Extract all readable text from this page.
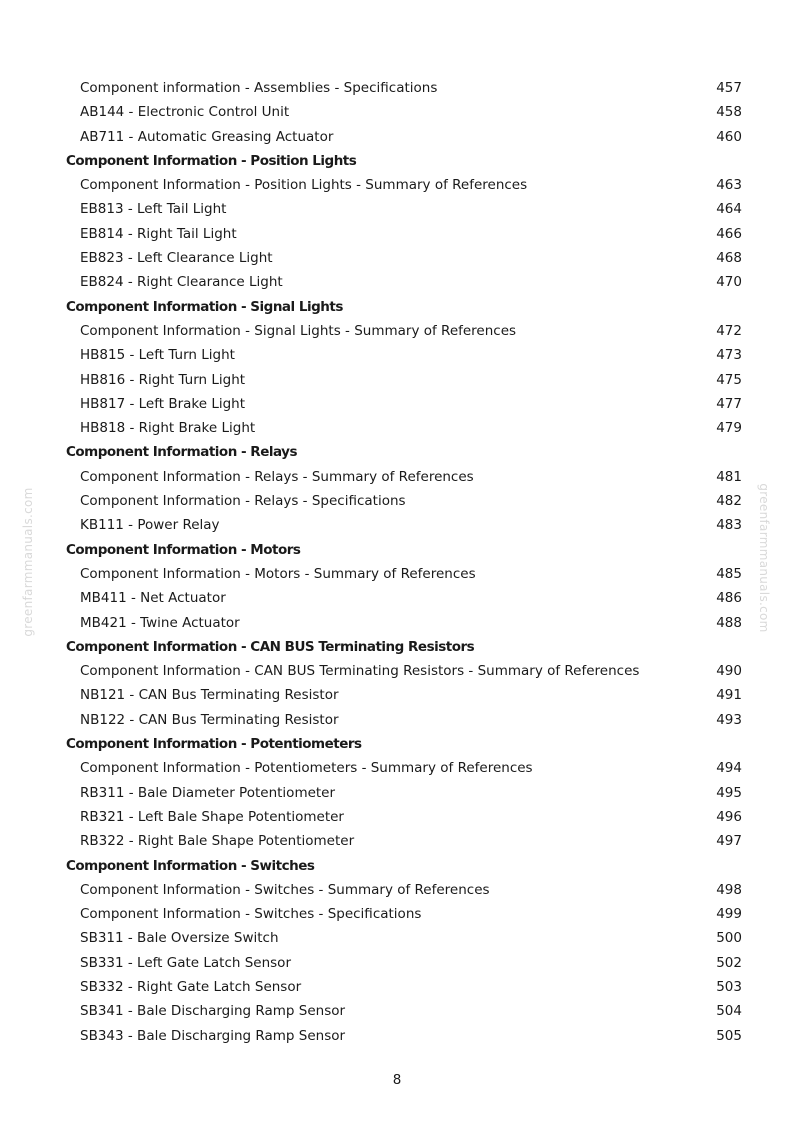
greenfarmmanuals.com	greenfarmmanuals.com
Component information - Assemblies - Specifications	457
AB144 - Electronic Control Unit	458
AB711 - Automatic Greasing Actuator	460
Component Information - Position Lights
Component Information - Position Lights - Summary of References	463
EB813 - Left Tail Light	464
EB814 - Right Tail Light	466
EB823 - Left Clearance Light	468
EB824 - Right Clearance Light	470
Component Information - Signal Lights
Component Information - Signal Lights - Summary of References	472
HB815 - Left Turn Light	473
HB816 - Right Turn Light	475
HB817 - Left Brake Light	477
HB818 - Right Brake Light	479
Component Information - Relays
Component Information - Relays - Summary of References	481
Component Information - Relays - Specifications	482
KB111 - Power Relay	483
Component Information - Motors
Component Information - Motors - Summary of References	485
MB411 - Net Actuator	486
MB421 - Twine Actuator	488
Component Information - CAN BUS Terminating Resistors
Component Information - CAN BUS Terminating Resistors - Summary of References	490
NB121 - CAN Bus Terminating Resistor	491
NB122 - CAN Bus Terminating Resistor	493
Component Information - Potentiometers
Component Information - Potentiometers - Summary of References	494
RB311 - Bale Diameter Potentiometer	495
RB321 - Left Bale Shape Potentiometer	496
RB322 - Right Bale Shape Potentiometer	497
Component Information - Switches
Component Information - Switches - Summary of References	498
Component Information - Switches - Specifications	499
SB311 - Bale Oversize Switch	500
SB331 - Left Gate Latch Sensor	502
SB332 - Right Gate Latch Sensor	503
SB341 - Bale Discharging Ramp Sensor	504
SB343 - Bale Discharging Ramp Sensor	505
8
